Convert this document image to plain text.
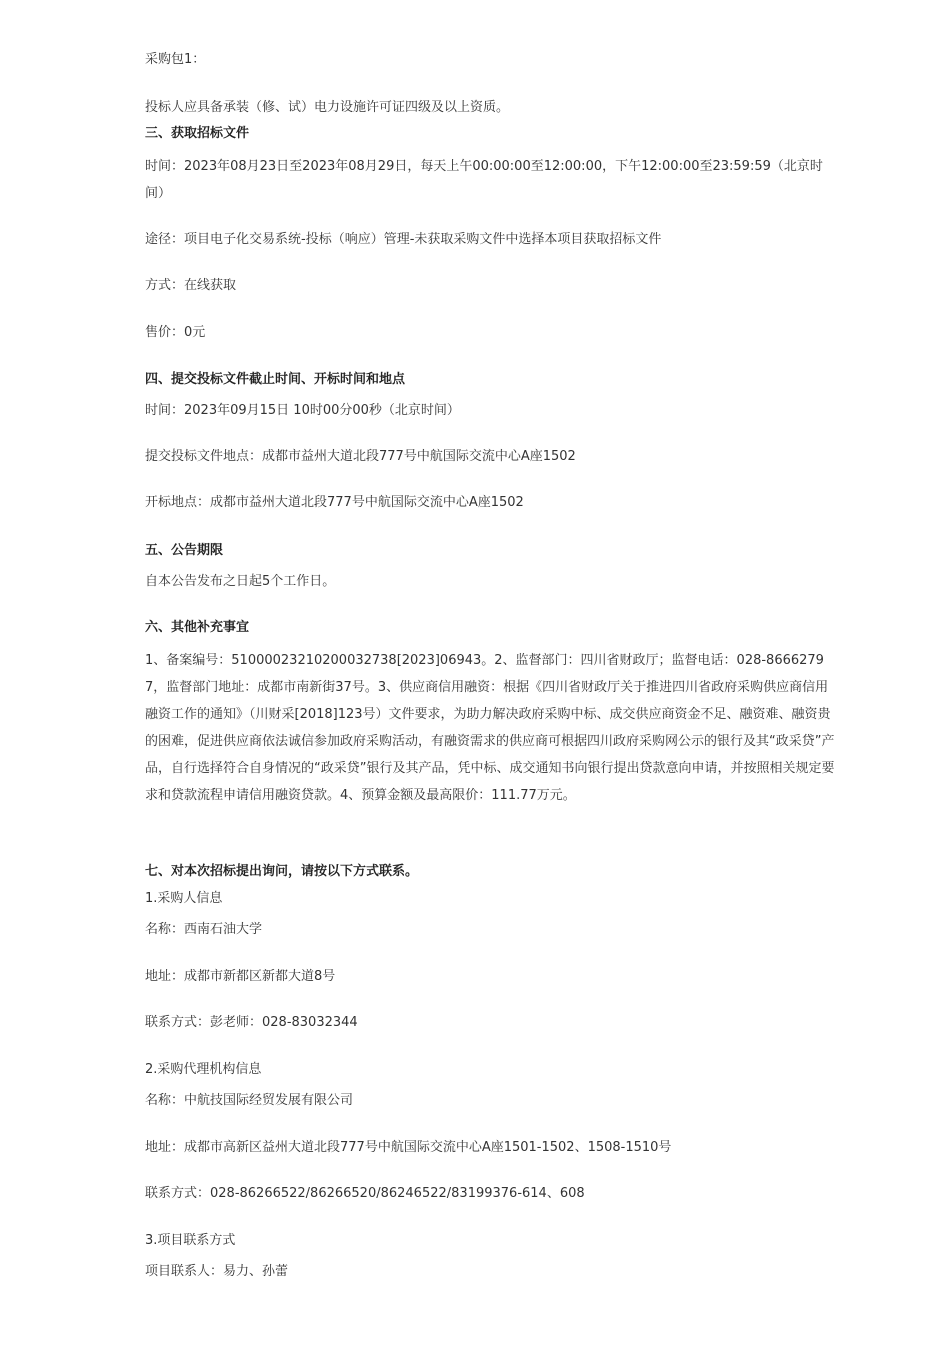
采购包1：
投标人应具备承装（修、试）电力设施许可证四级及以上资质。
三、获取招标文件
时间：2023年08月23日至2023年08月29日，每天上午00:00:00至12:00:00，下午12:00:00至23:59:59（北京时间）
途径：项目电子化交易系统-投标（响应）管理-未获取采购文件中选择本项目获取招标文件
方式：在线获取
售价：0元
四、提交投标文件截止时间、开标时间和地点
时间：2023年09月15日 10时00分00秒（北京时间）
提交投标文件地点：成都市益州大道北段777号中航国际交流中心A座1502
开标地点：成都市益州大道北段777号中航国际交流中心A座1502
五、公告期限
自本公告发布之日起5个工作日。
六、其他补充事宜
1、备案编号：51000023210200032738[2023]06943。2、监督部门：四川省财政厅；监督电话：028-86662797，监督部门地址：成都市南新街37号。3、供应商信用融资：根据《四川省财政厅关于推进四川省政府采购供应商信用融资工作的通知》（川财采[2018]123号）文件要求，为助力解决政府采购中标、成交供应商资金不足、融资难、融资贵的困难，促进供应商依法诚信参加政府采购活动，有融资需求的供应商可根据四川政府采购网公示的银行及其“政采贷”产品，自行选择符合自身情况的“政采贷”银行及其产品，凭中标、成交通知书向银行提出贷款意向申请，并按照相关规定要求和贷款流程申请信用融资贷款。4、预算金额及最高限价：111.77万元。
七、对本次招标提出询问，请按以下方式联系。
1.采购人信息
名称：西南石油大学
地址：成都市新都区新都大道8号
联系方式：彭老师：028-83032344
2.采购代理机构信息
名称：中航技国际经贸发展有限公司
地址：成都市高新区益州大道北段777号中航国际交流中心A座1501-1502、1508-1510号
联系方式：028-86266522/86266520/86246522/83199376-614、608
3.项目联系方式
项目联系人：易力、孙蕾
